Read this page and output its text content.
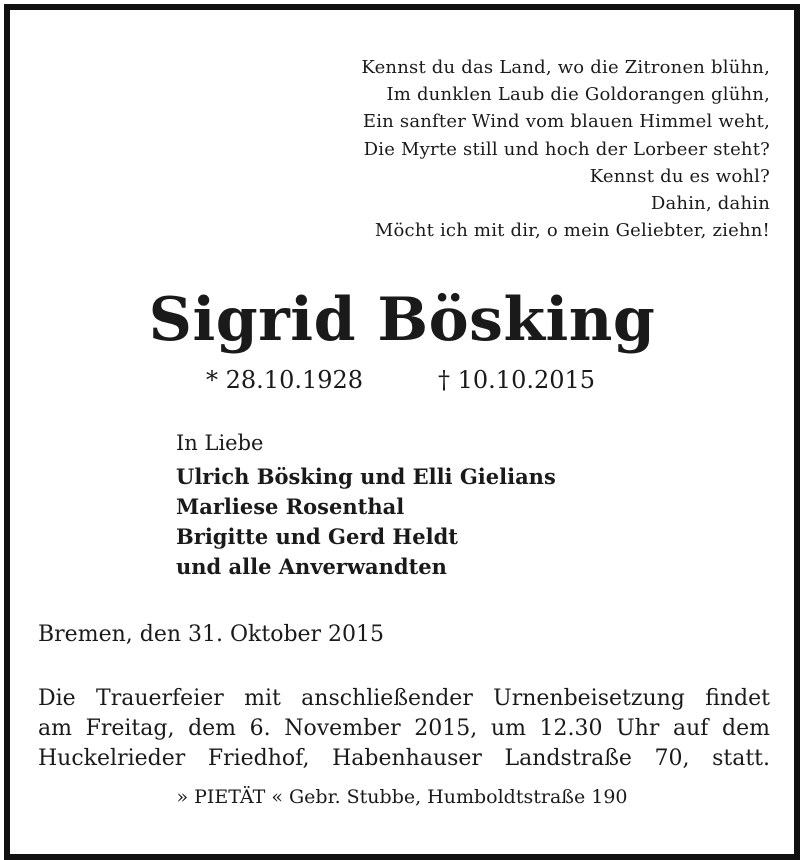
Kennst du das Land, wo die Zitronen blühn,
Im dunklen Laub die Goldorangen glühn,
Ein sanfter Wind vom blauen Himmel weht,
Die Myrte still und hoch der Lorbeer steht?
Kennst du es wohl?
Dahin, dahin
Möcht ich mit dir, o mein Geliebter, ziehn!
Sigrid Bösking
* 28.10.1928	† 10.10.2015
In Liebe
Ulrich Bösking und Elli Gielians
Marliese Rosenthal
Brigitte und Gerd Heldt
und alle Anverwandten
Bremen, den 31. Oktober 2015
Die Trauerfeier mit anschließender Urnenbeisetzung findet
am Freitag, dem 6. November 2015, um 12.30 Uhr auf dem
Huckelrieder Friedhof, Habenhauser Landstraße 70, statt.
» PIETÄT « Gebr. Stubbe, Humboldtstraße 190
